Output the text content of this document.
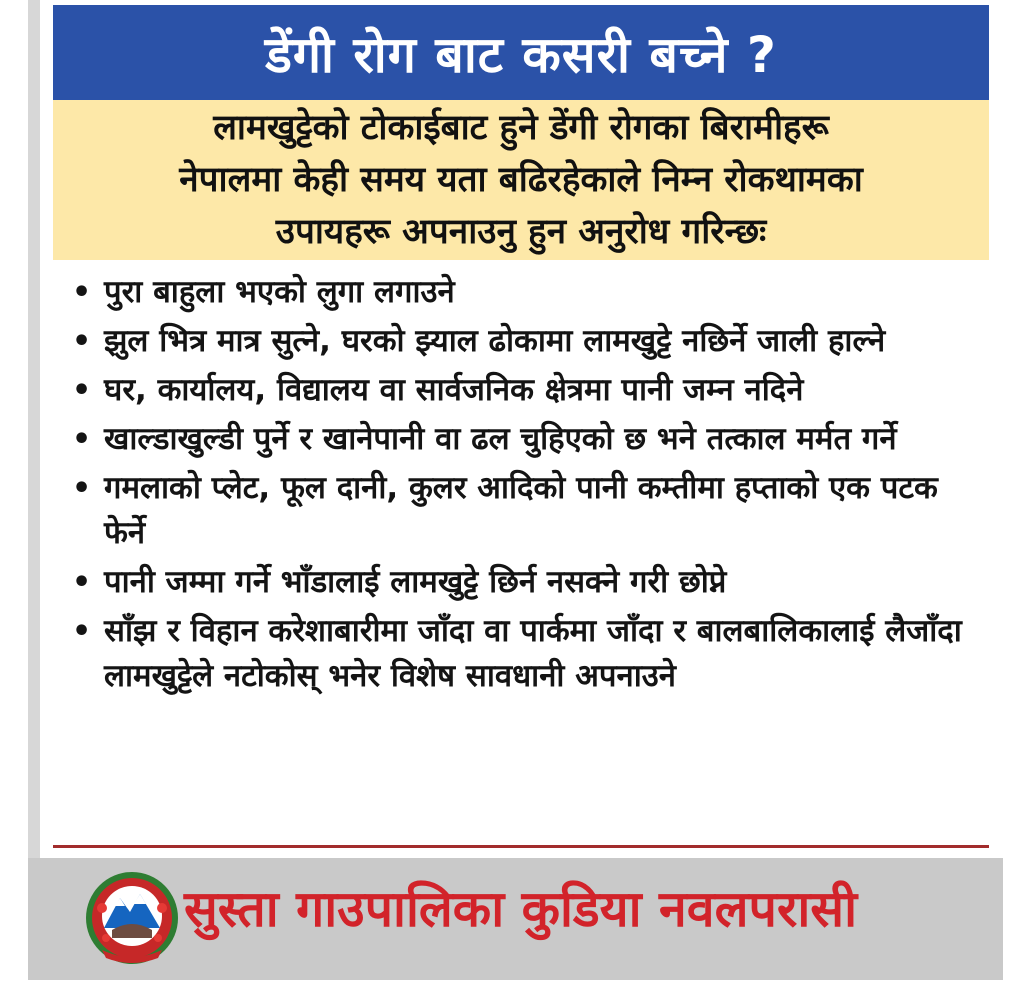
डेंगी रोग बाट कसरी बच्ने ?
लामखुट्टेको टोकाईबाट हुने डेंगी रोगका बिरामीहरू
नेपालमा केही समय यता बढिरहेकाले निम्न रोकथामका
उपायहरू अपनाउनु हुन अनुरोध गरिन्छः
• पुरा बाहुला भएको लुगा लगाउने
• झुल भित्र मात्र सुत्ने, घरको झ्याल ढोकामा लामखुट्टे नछिर्ने जाली हाल्ने
• घर, कार्यालय, विद्यालय वा सार्वजनिक क्षेत्रमा पानी जम्न नदिने
• खाल्डाखुल्डी पुर्ने र खानेपानी वा ढल चुहिएको छ भने तत्काल मर्मत गर्ने
• गमलाको प्लेट, फूल दानी, कुलर आदिको पानी कम्तीमा हप्ताको एक पटक फेर्ने
• पानी जम्मा गर्ने भाँडालाई लामखुट्टे छिर्न नसक्ने गरी छोप्ने
• साँझ र विहान करेशाबारीमा जाँदा वा पार्कमा जाँदा र बालबालिकालाई लैजाँदा लामखुट्टेले नटोकोस् भनेर विशेष सावधानी अपनाउने
सुस्ता गाउपालिका कुडिया नवलपरासी
